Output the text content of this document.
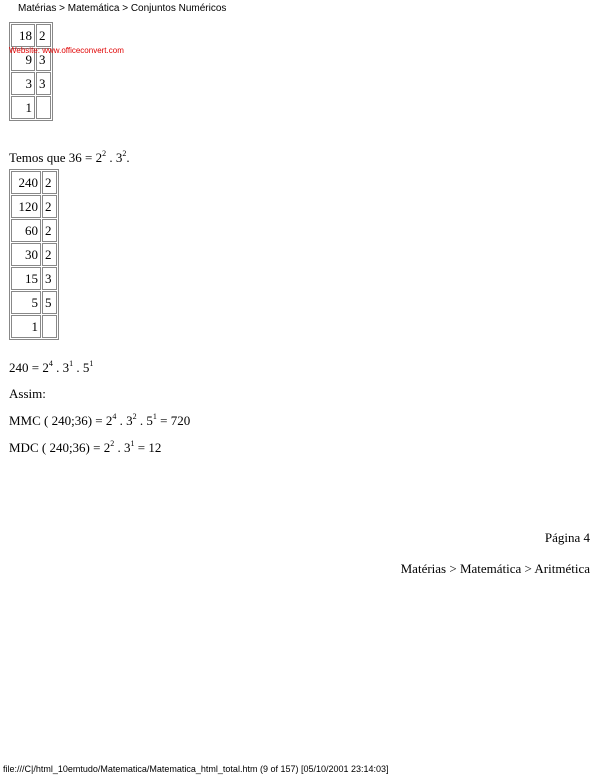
Matérias > Matemática > Conjuntos Numéricos
18	2
9	3
3	3
1	
Website: www.officeconvert.com
Temos que $36 = 2^2$ . $3^2$.
240	2
120	2
60	2
30	2
15	3
5	5
1	
$240 = 2^4$ . $3^1$ . $5^1$
Assim:
MMC ( 240;36) = $2^4$ . $3^2$ . $5^1 = 720$
MDC ( 240;36) = $2^2$ . $3^1 = 12$
Página 4
Matérias > Matemática > Aritmética
file:///C|/html_10emtudo/Matematica/Matematica_html_total.htm (9 of 157) [05/10/2001 23:14:03]
